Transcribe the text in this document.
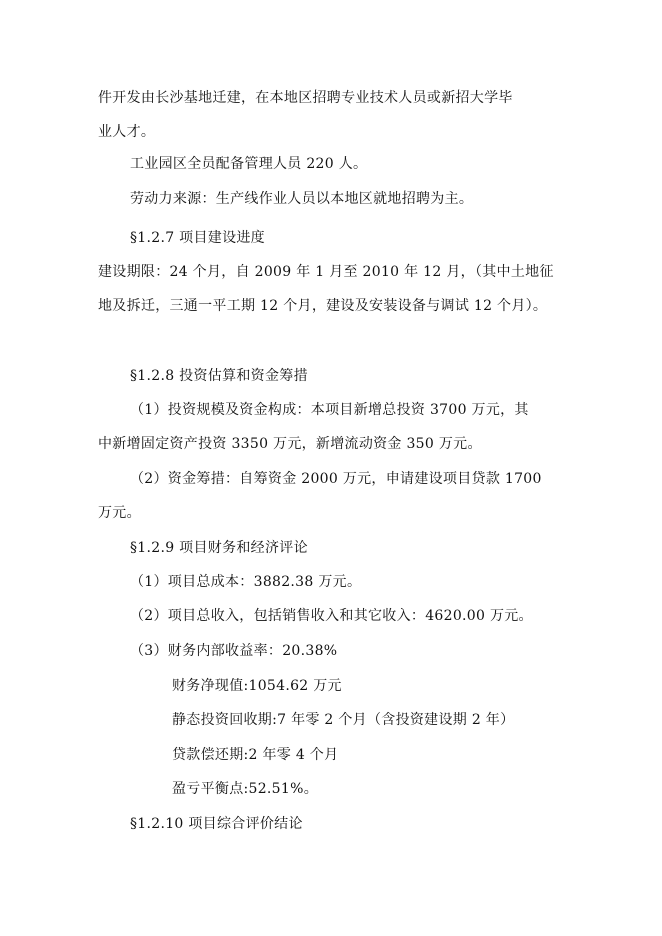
件开发由长沙基地迁建，在本地区招聘专业技术人员或新招大学毕
业人才。
工业园区全员配备管理人员 220 人。
劳动力来源：生产线作业人员以本地区就地招聘为主。
§1.2.7 项目建设进度
建设期限：24 个月，自 2009 年 1 月至 2010 年 12 月，（其中土地征
地及拆迁，三通一平工期 12 个月，建设及安装设备与调试 12 个月）。
§1.2.8 投资估算和资金筹措
（1）投资规模及资金构成：本项目新增总投资 3700 万元，其
中新增固定资产投资 3350 万元，新增流动资金 350 万元。
（2）资金筹措：自筹资金 2000 万元，申请建设项目贷款 1700
万元。
§1.2.9 项目财务和经济评论
（1）项目总成本：3882.38 万元。
（2）项目总收入，包括销售收入和其它收入：4620.00 万元。
（3）财务内部收益率：20.38%
财务净现值:1054.62 万元
静态投资回收期:7 年零 2 个月（含投资建设期 2 年）
贷款偿还期:2 年零 4 个月
盈亏平衡点:52.51%。
§1.2.10 项目综合评价结论
